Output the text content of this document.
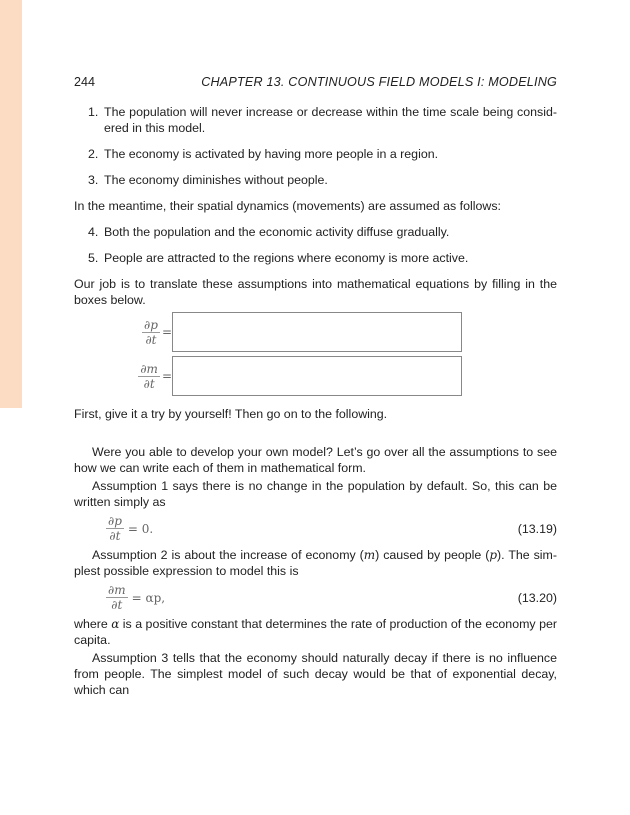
244	CHAPTER 13. CONTINUOUS FIELD MODELS I: MODELING
1. The population will never increase or decrease within the time scale being consid-ered in this model.
2. The economy is activated by having more people in a region.
3. The economy diminishes without people.

In the meantime, their spatial dynamics (movements) are assumed as follows:

4. Both the population and the economic activity diffuse gradually.
5. People are attracted to the regions where economy is more active.

Our job is to translate these assumptions into mathematical equations by filling in the boxes below.

$\frac{\partial p}{\partial t}$ =
$\frac{\partial m}{\partial t}$ =

First, give it a try by yourself! Then go on to the following.

Were you able to develop your own model? Let’s go over all the assumptions to see how we can write each of them in mathematical form.

Assumption 1 says there is no change in the population by default. So, this can be written simply as

$\frac{\partial p}{\partial t} = 0$.	(13.19)

Assumption 2 is about the increase of economy (m) caused by people (p). The sim-plest possible expression to model this is

$\frac{\partial m}{\partial t} = \alpha p$,	(13.20)

where α is a positive constant that determines the rate of production of the economy per capita.

Assumption 3 tells that the economy should naturally decay if there is no influence from people. The simplest model of such decay would be that of exponential decay, which can
